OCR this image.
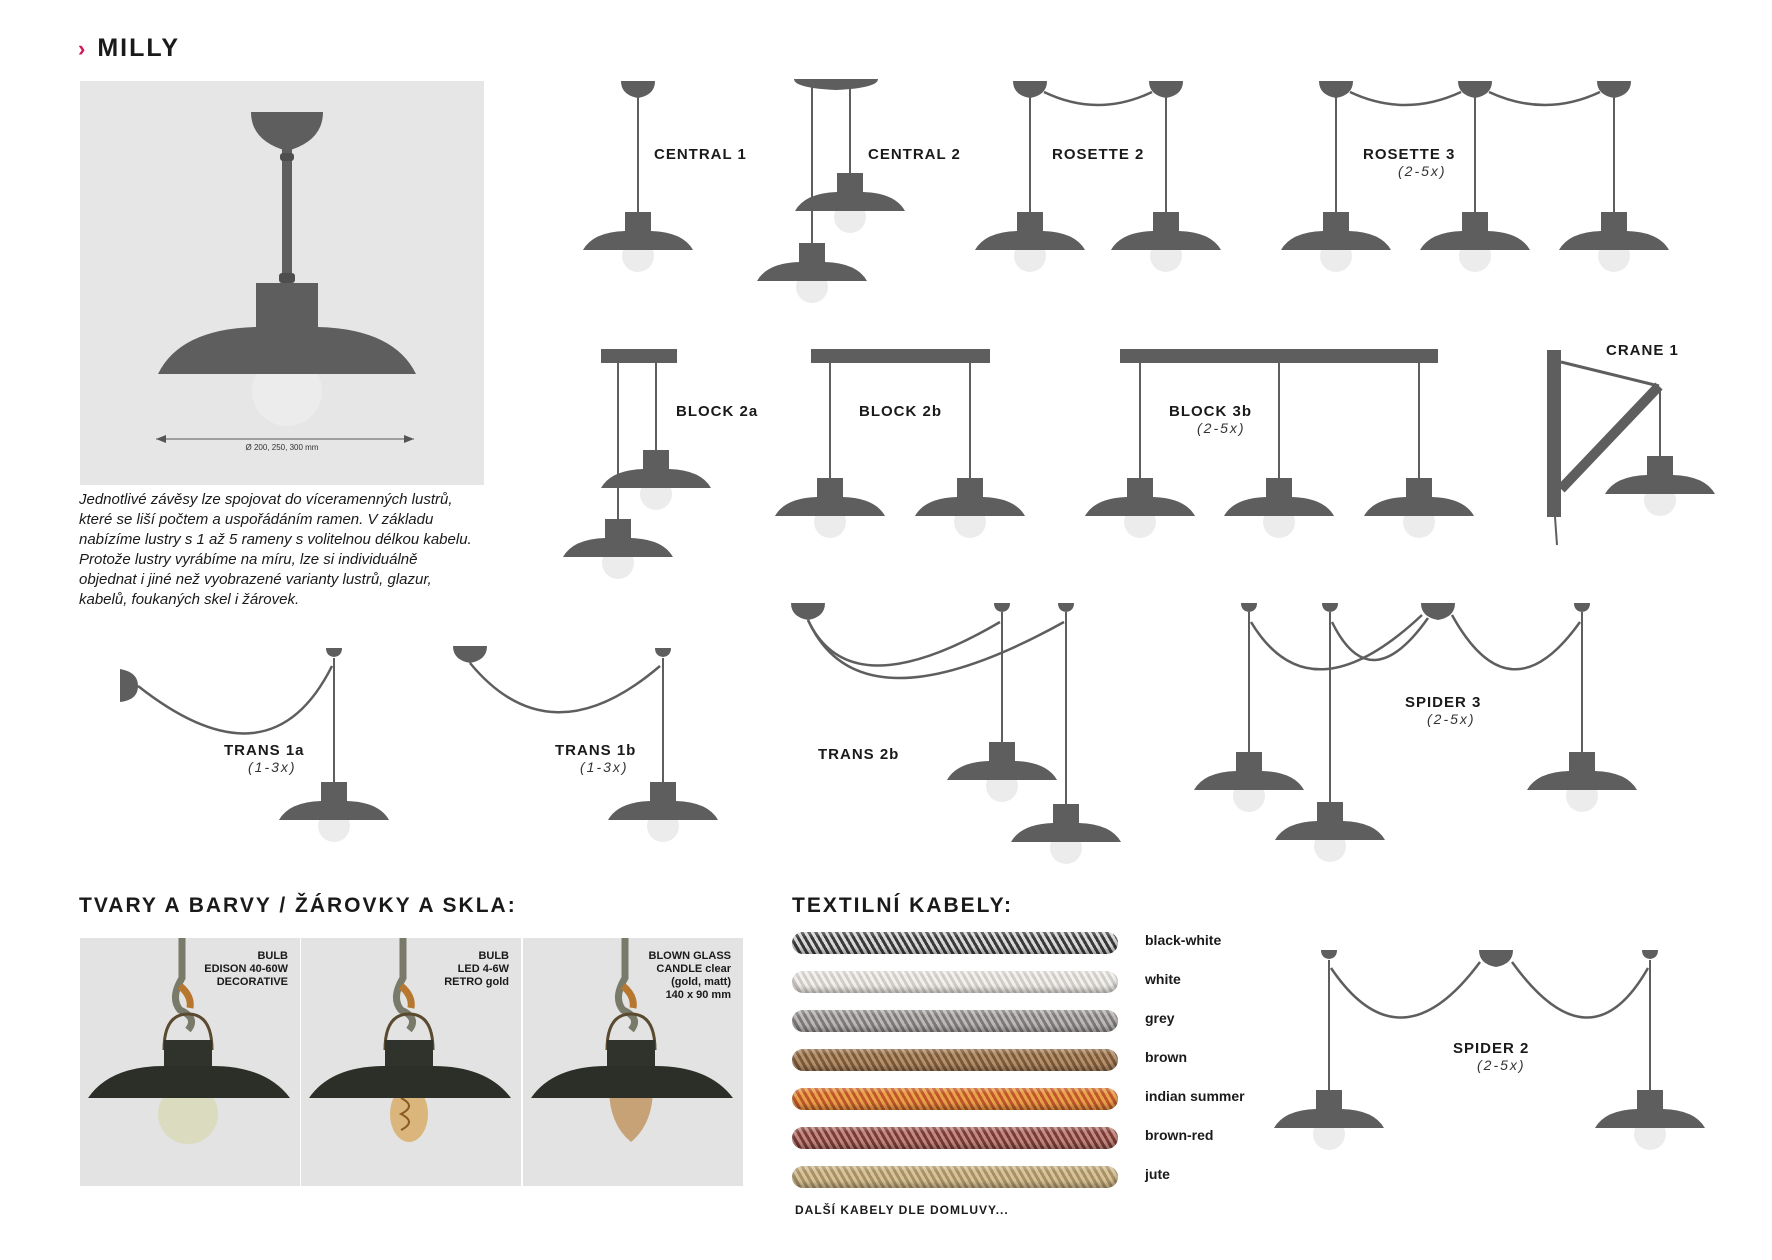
› MILLY
Ø 200, 250, 300 mm
Jednotlivé závěsy lze spojovat do víceramenných lustrů,
které se liší počtem a uspořádáním ramen. V základu
nabízíme lustry s 1 až 5 rameny s volitelnou délkou kabelu.
Protože lustry vyrábíme na míru, lze si individuálně
objednat i jiné než vyobrazené varianty lustrů, glazur,
kabelů, foukaných skel i žárovek.
CENTRAL 1	CENTRAL 2	ROSETTE 2	ROSETTE 3
(2-5x)
BLOCK 2a	BLOCK 2b	BLOCK 3b
(2-5x)
CRANE 1
TRANS 1a
(1-3x)
TRANS 1b
(1-3x)
TRANS 2b
SPIDER 3
(2-5x)
SPIDER 2
(2-5x)
TVARY A BARVY / ŽÁROVKY A SKLA:
BULB
EDISON 40-60W
DECORATIVE
BULB
LED 4-6W
RETRO gold
BLOWN GLASS
CANDLE clear
(gold, matt)
140 x 90 mm
TEXTILNÍ KABELY:
black-white
white
grey
brown
indian summer
brown-red
jute
DALŠÍ KABELY DLE DOMLUVY...
